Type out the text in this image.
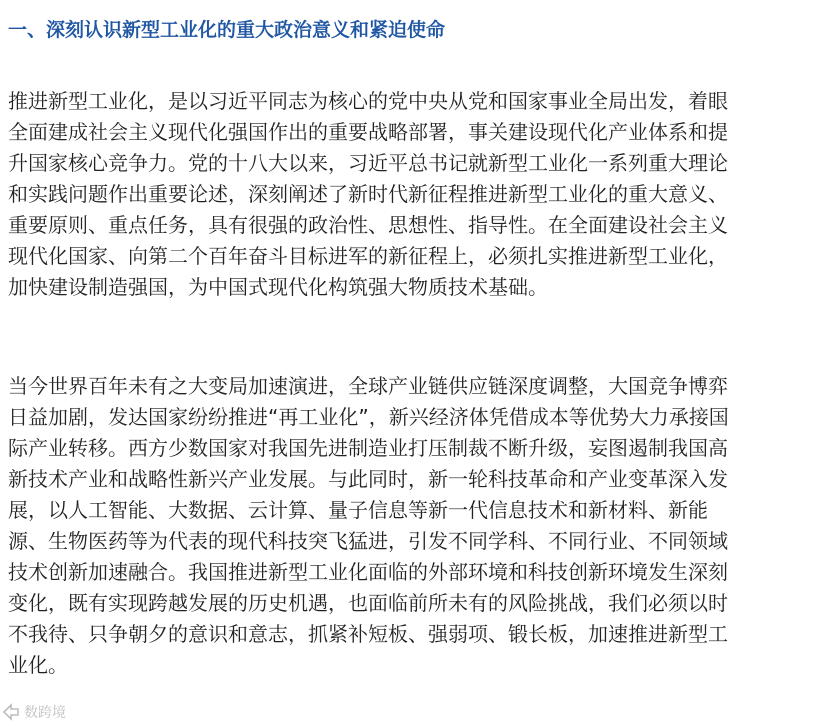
一、深刻认识新型工业化的重大政治意义和紧迫使命

推进新型工业化，是以习近平同志为核心的党中央从党和国家事业全局出发，着眼
全面建成社会主义现代化强国作出的重要战略部署，事关建设现代化产业体系和提
升国家核心竞争力。党的十八大以来，习近平总书记就新型工业化一系列重大理论
和实践问题作出重要论述，深刻阐述了新时代新征程推进新型工业化的重大意义、
重要原则、重点任务，具有很强的政治性、思想性、指导性。在全面建设社会主义
现代化国家、向第二个百年奋斗目标进军的新征程上，必须扎实推进新型工业化，
加快建设制造强国，为中国式现代化构筑强大物质技术基础。

当今世界百年未有之大变局加速演进，全球产业链供应链深度调整，大国竞争博弈
日益加剧，发达国家纷纷推进“再工业化”，新兴经济体凭借成本等优势大力承接国
际产业转移。西方少数国家对我国先进制造业打压制裁不断升级，妄图遏制我国高
新技术产业和战略性新兴产业发展。与此同时，新一轮科技革命和产业变革深入发
展，以人工智能、大数据、云计算、量子信息等新一代信息技术和新材料、新能
源、生物医药等为代表的现代科技突飞猛进，引发不同学科、不同行业、不同领域
技术创新加速融合。我国推进新型工业化面临的外部环境和科技创新环境发生深刻
变化，既有实现跨越发展的历史机遇，也面临前所未有的风险挑战，我们必须以时
不我待、只争朝夕的意识和意志，抓紧补短板、强弱项、锻长板，加速推进新型工
业化。

数跨境
